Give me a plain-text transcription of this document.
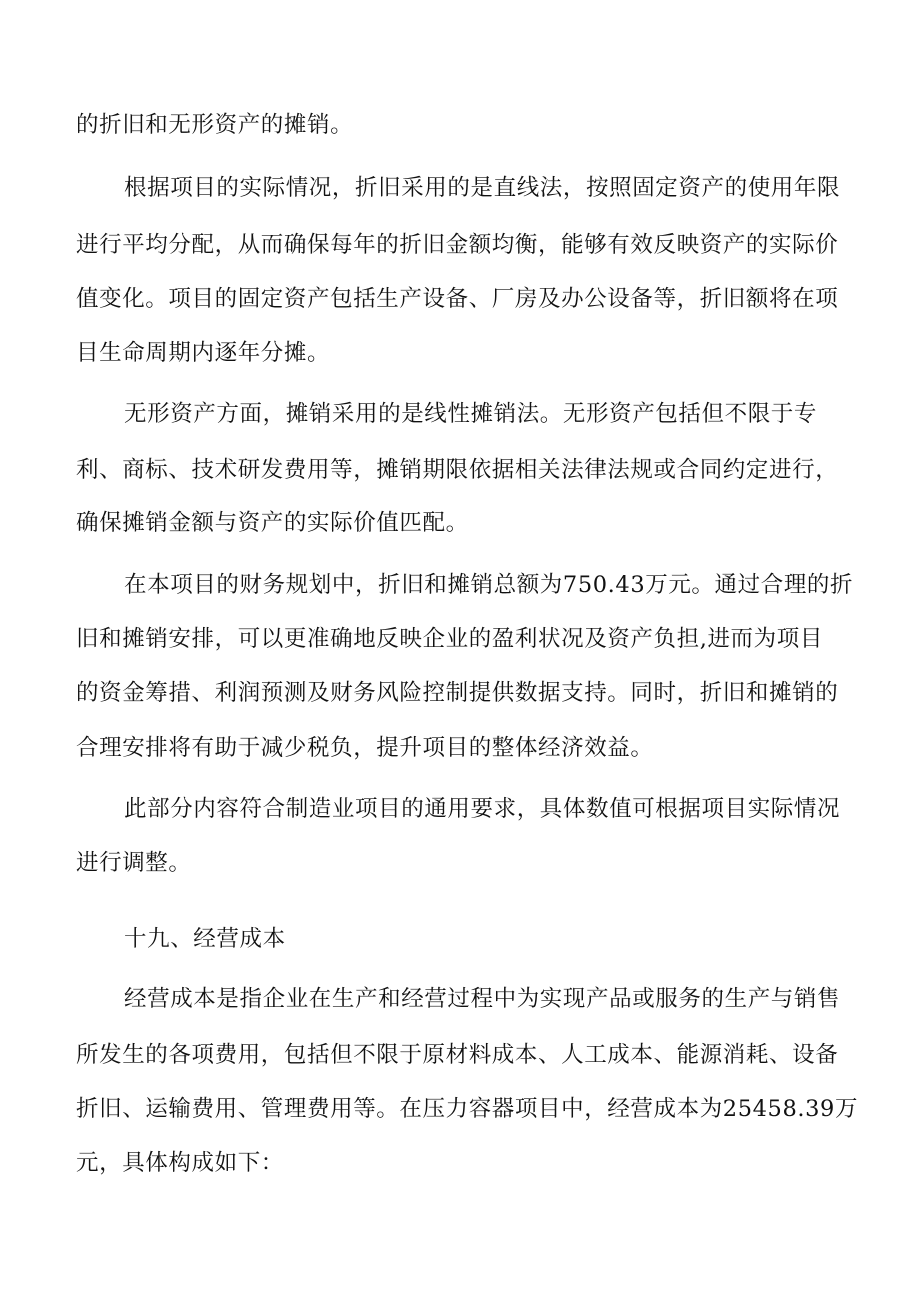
的折旧和无形资产的摊销。
根据项目的实际情况，折旧采用的是直线法，按照固定资产的使用年限
进行平均分配，从而确保每年的折旧金额均衡，能够有效反映资产的实际价
值变化。项目的固定资产包括生产设备、厂房及办公设备等，折旧额将在项
目生命周期内逐年分摊。
无形资产方面，摊销采用的是线性摊销法。无形资产包括但不限于专
利、商标、技术研发费用等，摊销期限依据相关法律法规或合同约定进行，
确保摊销金额与资产的实际价值匹配。
在本项目的财务规划中，折旧和摊销总额为750.43万元。通过合理的折
旧和摊销安排，可以更准确地反映企业的盈利状况及资产负担,进而为项目
的资金筹措、利润预测及财务风险控制提供数据支持。同时，折旧和摊销的
合理安排将有助于减少税负，提升项目的整体经济效益。
此部分内容符合制造业项目的通用要求，具体数值可根据项目实际情况
进行调整。
十九、经营成本
经营成本是指企业在生产和经营过程中为实现产品或服务的生产与销售
所发生的各项费用，包括但不限于原材料成本、人工成本、能源消耗、设备
折旧、运输费用、管理费用等。在压力容器项目中，经营成本为25458.39万
元，具体构成如下：
